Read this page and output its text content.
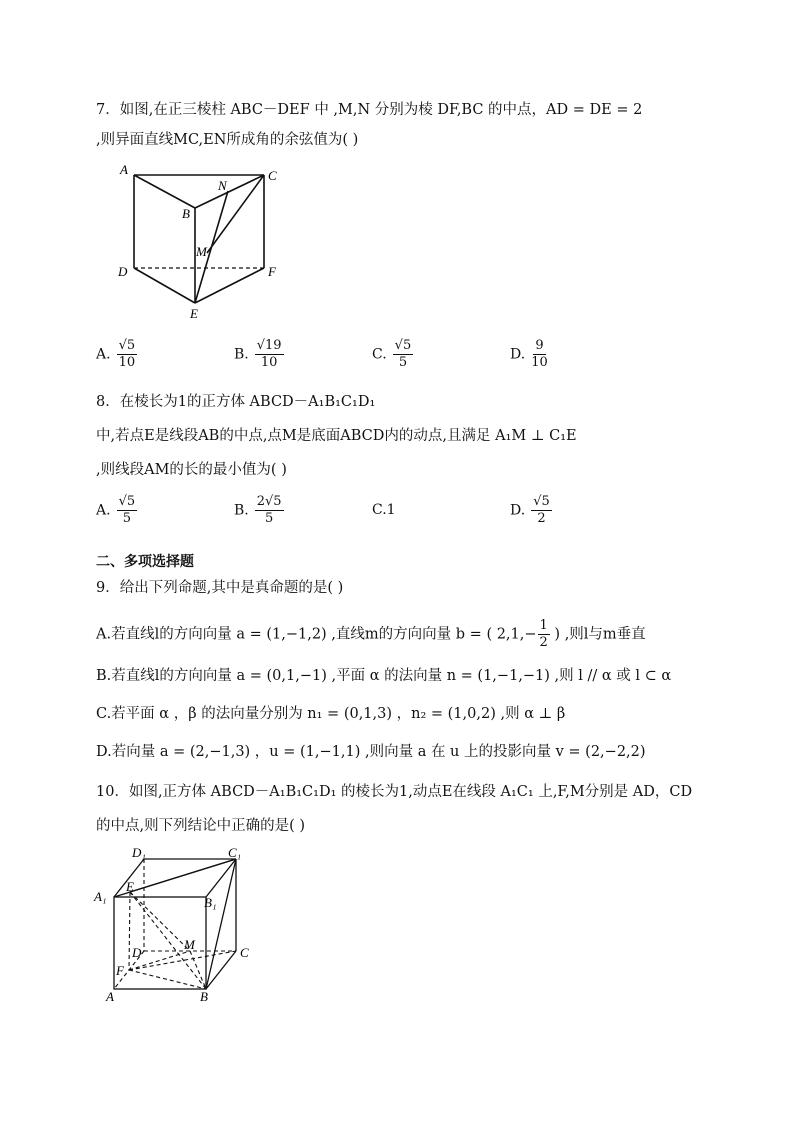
7．如图,在正三棱柱 ABC－DEF 中 ,M,N 分别为棱 DF,BC 的中点，AD = DE = 2
,则异面直线MC,EN所成角的余弦值为( )
A
B
C
D
E
F
M
N
A. $\frac{√5}{10}$	B. $\frac{√19}{10}$	C. $\frac{√5}{5}$	D. $\frac{9}{10}$
8．在棱长为1的正方体 ABCD－A₁B₁C₁D₁
中,若点E是线段AB的中点,点M是底面ABCD内的动点,且满足 A₁M ⊥ C₁E
,则线段AM的长的最小值为( )
A. $\frac{√5}{5}$	B. $\frac{2√5}{5}$	C.1	D. $\frac{√5}{2}$
二、多项选择题
9．给出下列命题,其中是真命题的是( )
A.若直线l的方向向量 a = (1,−1,2) ,直线m的方向向量 b = ( $2,1,- \frac{1}{2}$ ) ,则l与m垂直
B.若直线l的方向向量 a = (0,1,−1) ,平面 α 的法向量 n = (1,−1,−1) ,则 l // α 或 l ⊂ α
C.若平面 α ，β 的法向量分别为 n₁ = (0,1,3) ，n₂ = (1,0,2) ,则 α ⊥ β
D.若向量 a = (2,−1,3) ，u = (1,−1,1) ,则向量 a 在 u 上的投影向量 v = (2,−2,2)
10．如图,正方体 ABCD－A₁B₁C₁D₁ 的棱长为1,动点E在线段 A₁C₁ 上,F,M分别是 AD，CD
的中点,则下列结论中正确的是( )
D₁	C₁
A₁	B₁
E
D
M
C
F
A	B
